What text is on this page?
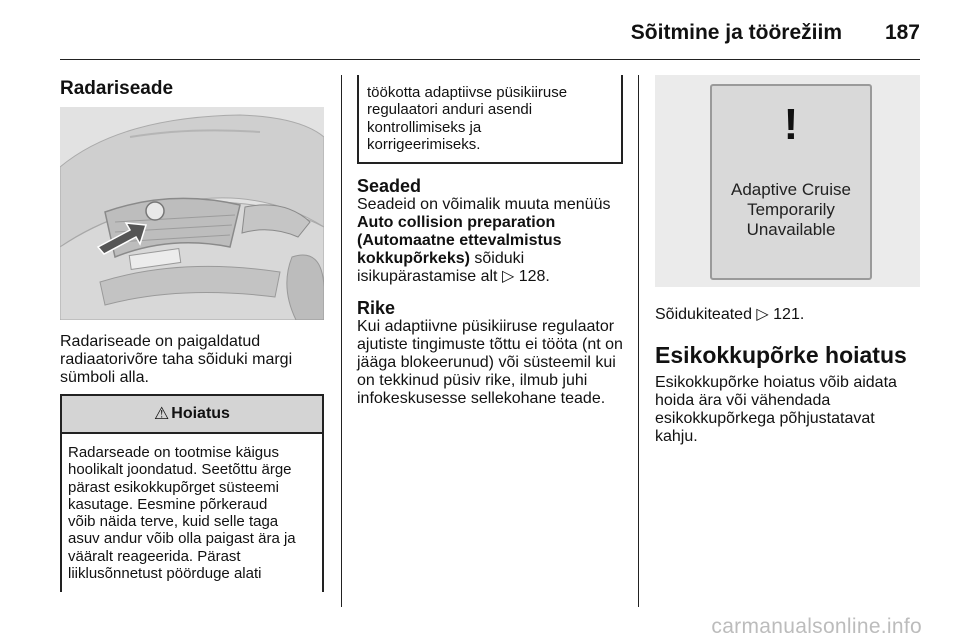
Sõitmine ja töörežiim 187
Radariseade
Radariseade on paigaldatud
radiaatorivõre taha sõiduki margi
sümboli alla.
⚠ Hoiatus
Radarseade on tootmise käigus
hoolikalt joondatud. Seetõttu ärge
pärast esikokkupõrget süsteemi
kasutage. Eesmine põrkeraud
võib näida terve, kuid selle taga
asuv andur võib olla paigast ära ja
vääralt reageerida. Pärast
liiklusõnnetust pöörduge alati
töökotta adaptiivse püsikiiruse
regulaatori anduri asendi
kontrollimiseks ja
korrigeerimiseks.
Seaded
Seadeid on võimalik muuta menüüs
Auto collision preparation
(Automaatne ettevalmistus
kokkupõrkeks) sõiduki
isikupärastamise alt ▷ 128.
Rike
Kui adaptiivne püsikiiruse regulaator
ajutiste tingimuste tõttu ei tööta (nt on
jääga blokeerunud) või süsteemil kui
on tekkinud püsiv rike, ilmub juhi
infokeskusesse sellekohane teade.
!
Adaptive Cruise
Temporarily
Unavailable
Sõidukiteated ▷ 121.
Esikokkupõrke hoiatus
Esikokkupõrke hoiatus võib aidata
hoida ära või vähendada
esikokkupõrkega põhjustatavat
kahju.
carmanualsonline.info
